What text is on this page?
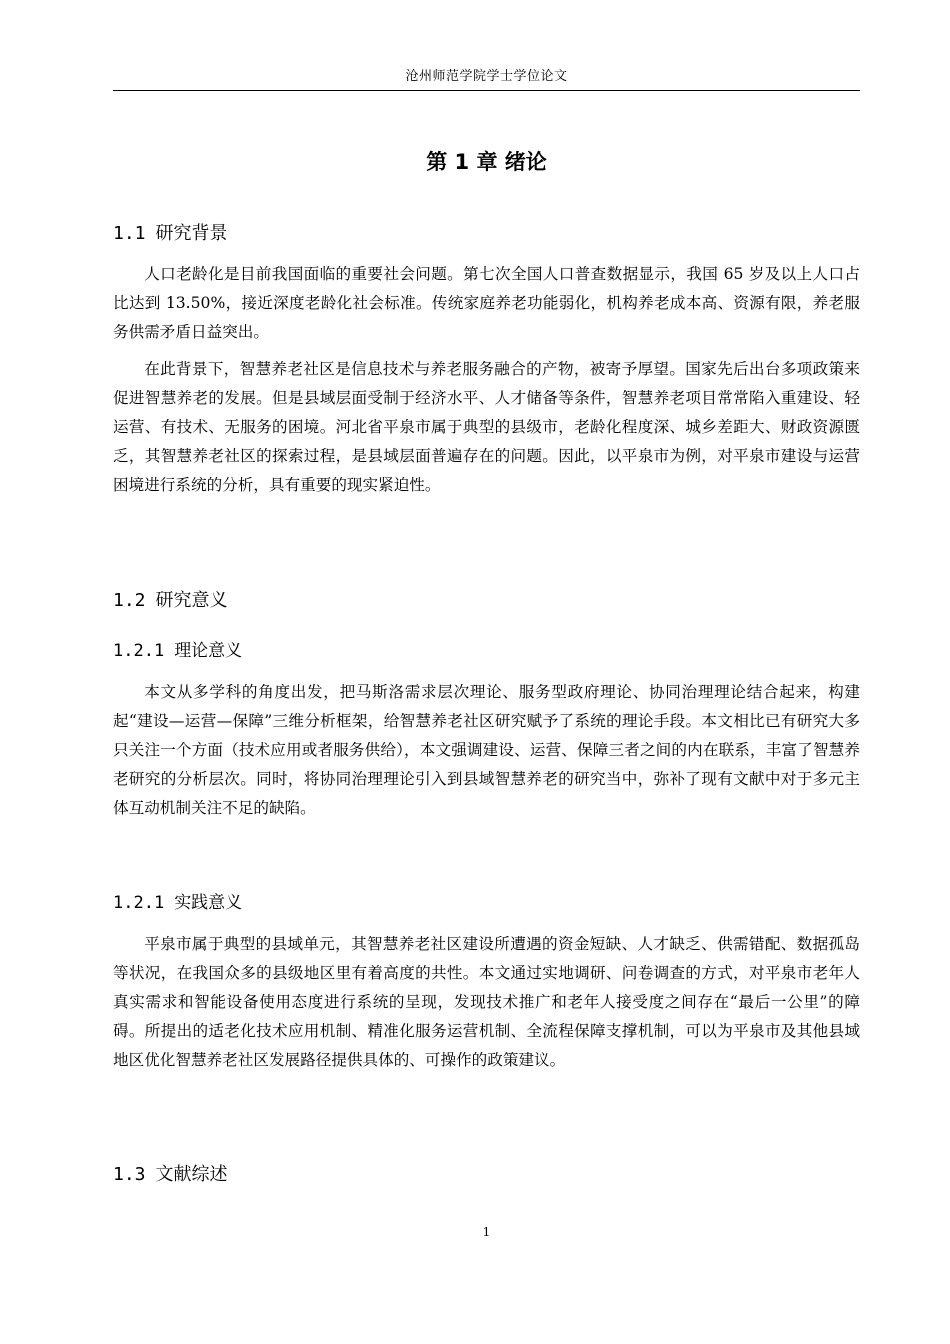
沧州师范学院学士学位论文
第 1 章 绪论
1.1 研究背景

人口老龄化是目前我国面临的重要社会问题。第七次全国人口普查数据显示，我国 65 岁及以上人口占比达到 13.50%，接近深度老龄化社会标准。传统家庭养老功能弱化，机构养老成本高、资源有限，养老服务供需矛盾日益突出。

在此背景下，智慧养老社区是信息技术与养老服务融合的产物，被寄予厚望。国家先后出台多项政策来促进智慧养老的发展。但是县域层面受制于经济水平、人才储备等条件，智慧养老项目常常陷入重建设、轻运营、有技术、无服务的困境。河北省平泉市属于典型的县级市，老龄化程度深、城乡差距大、财政资源匮乏，其智慧养老社区的探索过程，是县域层面普遍存在的问题。因此，以平泉市为例，对平泉市建设与运营困境进行系统的分析，具有重要的现实紧迫性。

1.2 研究意义
1.2.1 理论意义

本文从多学科的角度出发，把马斯洛需求层次理论、服务型政府理论、协同治理理论结合起来，构建起“建设—运营—保障”三维分析框架，给智慧养老社区研究赋予了系统的理论手段。本文相比已有研究大多只关注一个方面（技术应用或者服务供给），本文强调建设、运营、保障三者之间的内在联系，丰富了智慧养老研究的分析层次。同时，将协同治理理论引入到县域智慧养老的研究当中，弥补了现有文献中对于多元主体互动机制关注不足的缺陷。

1.2.1 实践意义

平泉市属于典型的县域单元，其智慧养老社区建设所遭遇的资金短缺、人才缺乏、供需错配、数据孤岛等状况，在我国众多的县级地区里有着高度的共性。本文通过实地调研、问卷调查的方式，对平泉市老年人真实需求和智能设备使用态度进行系统的呈现，发现技术推广和老年人接受度之间存在“最后一公里”的障碍。所提出的适老化技术应用机制、精准化服务运营机制、全流程保障支撑机制，可以为平泉市及其他县域地区优化智慧养老社区发展路径提供具体的、可操作的政策建议。

1.3 文献综述
1
